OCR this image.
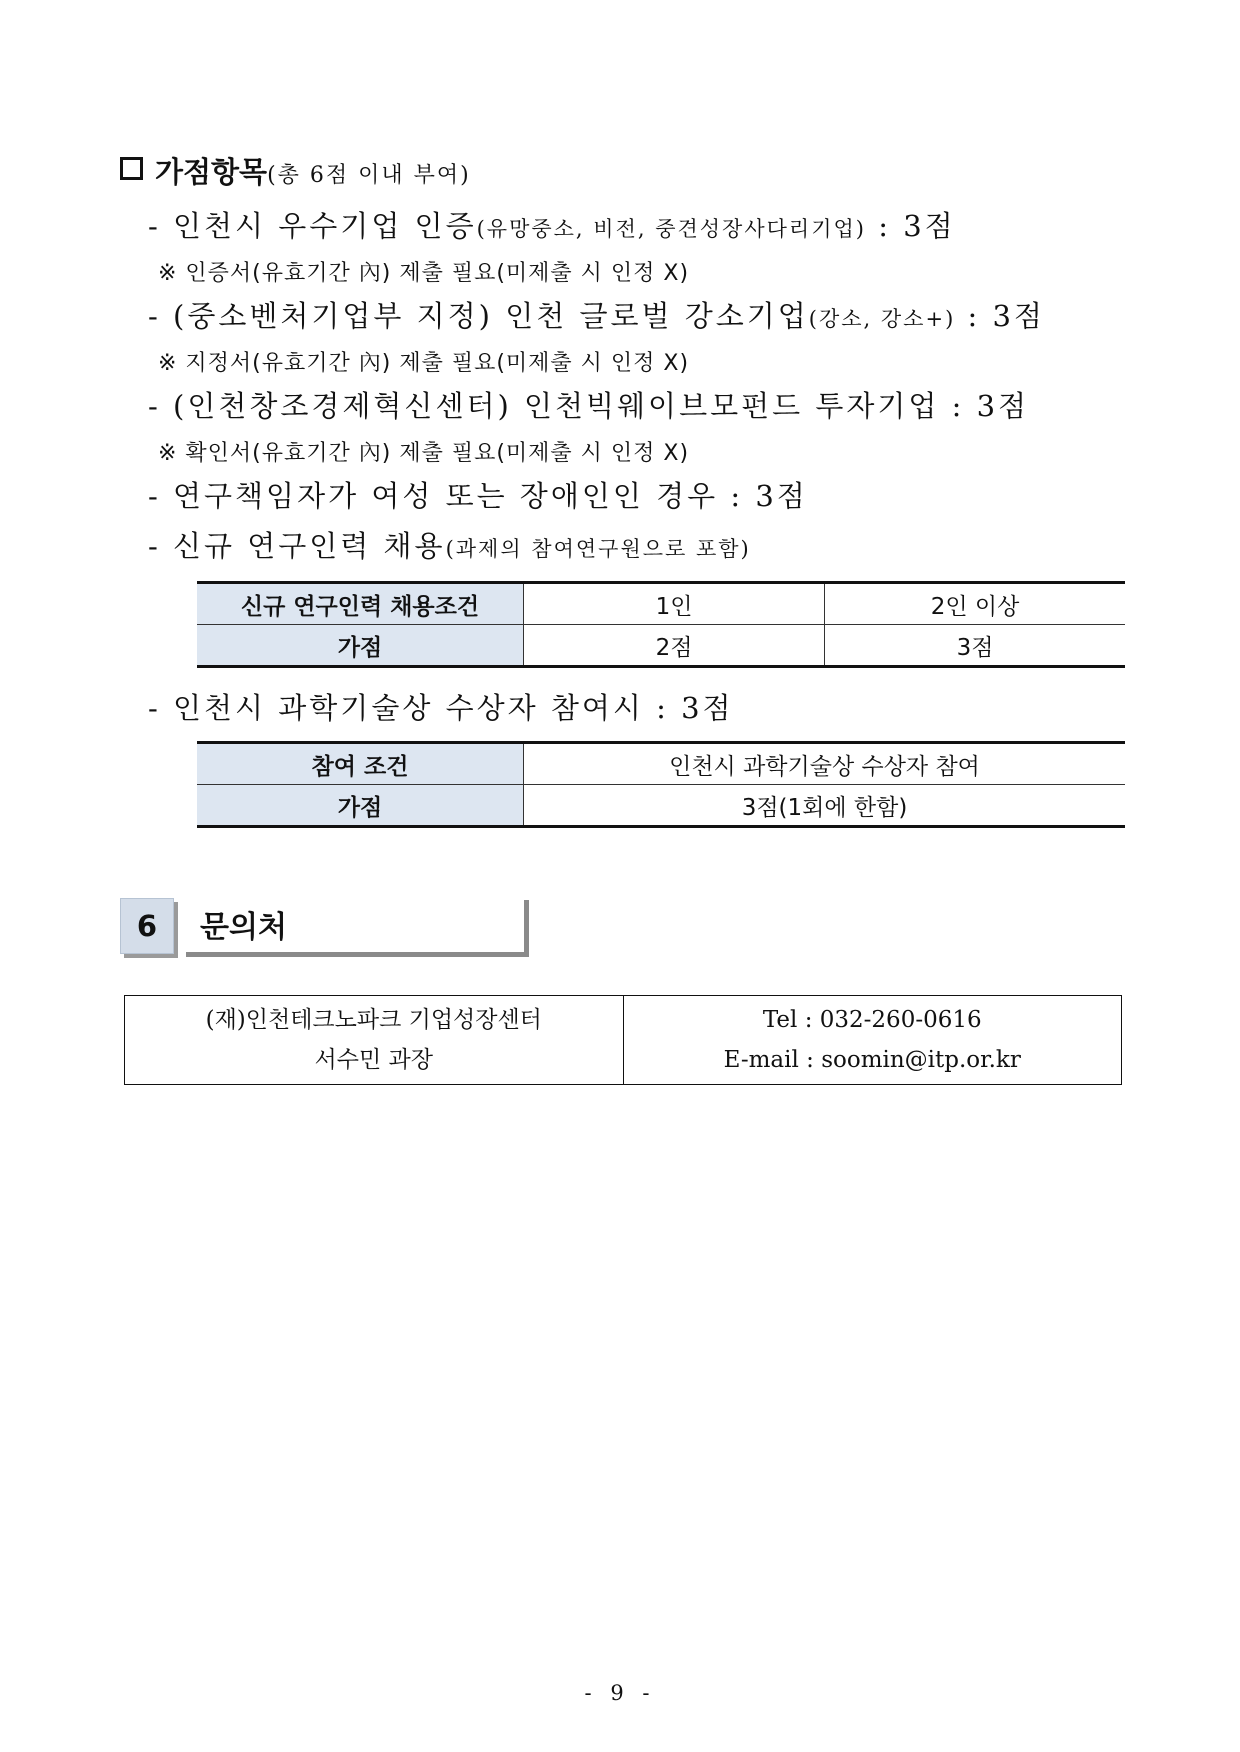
가점항목(총 6점 이내 부여)
- 인천시 우수기업 인증(유망중소, 비전, 중견성장사다리기업) : 3점
※ 인증서(유효기간 內) 제출 필요(미제출 시 인정 X)
- (중소벤처기업부 지정) 인천 글로벌 강소기업(강소, 강소+) : 3점
※ 지정서(유효기간 內) 제출 필요(미제출 시 인정 X)
- (인천창조경제혁신센터) 인천빅웨이브모펀드 투자기업 : 3점
※ 확인서(유효기간 內) 제출 필요(미제출 시 인정 X)
- 연구책임자가 여성 또는 장애인인 경우 : 3점
- 신규 연구인력 채용(과제의 참여연구원으로 포함)
신규 연구인력 채용조건	1인	2인 이상
가점	2점	3점
- 인천시 과학기술상 수상자 참여시 : 3점
참여 조건	인천시 과학기술상 수상자 참여
가점	3점(1회에 한함)
6	문의처
(재)인천테크노파크 기업성장센터
서수민 과장

Tel : 032-260-0616
E-mail : soomin@itp.or.kr
- 9 -
